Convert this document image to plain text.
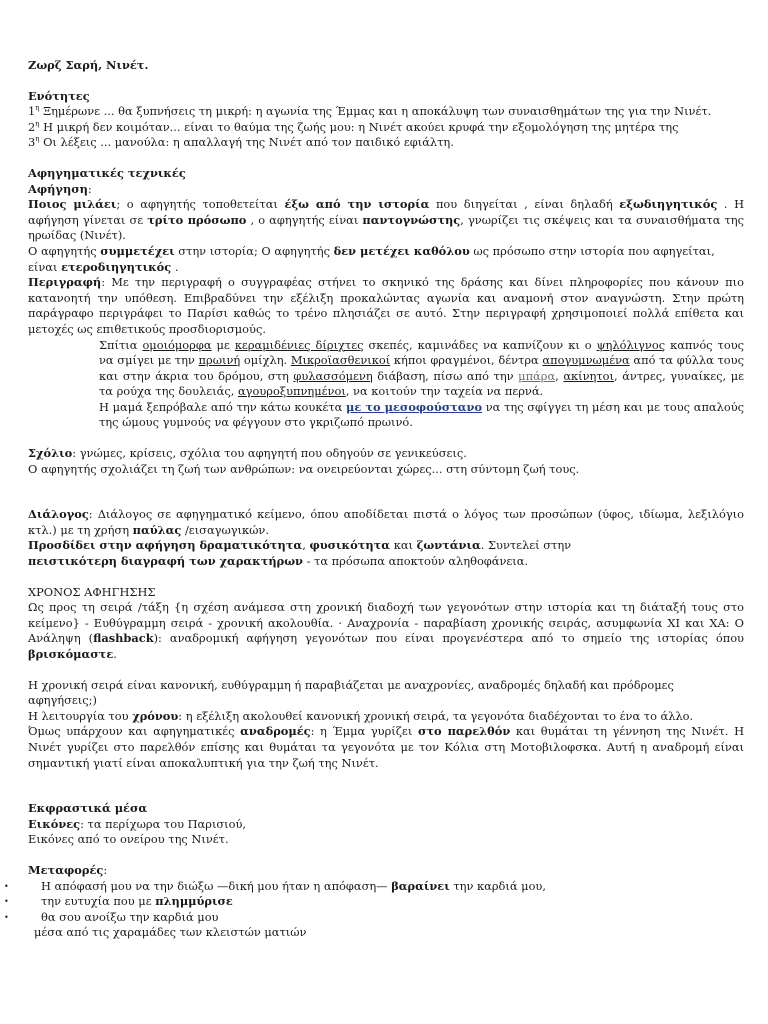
Ζωρζ Σαρή, Νινέτ.

Ενότητες

$1^\eta$ Ξημέρωνε ... θα ξυπνήσεις τη μικρή: η αγωνία της Έμμας και η αποκάλυψη των συναισθημάτων της για την Νινέτ.

$2^\eta$ Η μικρή δεν κοιμόταν... είναι το θαύμα της ζωής μου: η Νινέτ ακούει κρυφά την εξομολόγηση της μητέρα της

$3^\eta$ Οι λέξεις ... μανούλα: η απαλλαγή της Νινέτ από τον παιδικό εφιάλτη.

Αφηγηματικές τεχνικές

Αφήγηση:

Ποιος μιλάει; ο αφηγητής τοποθετείται έξω από την ιστορία που διηγείται , είναι δηλαδή εξωδιηγητικός . Η αφήγηση γίνεται σε τρίτο πρόσωπο , ο αφηγητής είναι παντογνώστης, γνωρίζει τις σκέψεις και τα συναισθήματα της ηρωίδας (Νινέτ).

Ο αφηγητής συμμετέχει στην ιστορία; Ο αφηγητής δεν μετέχει καθόλου ως πρόσωπο στην ιστορία που αφηγείται, είναι ετεροδιηγητικός .

Περιγραφή: Με την περιγραφή ο συγγραφέας στήνει το σκηνικό της δράσης και δίνει πληροφορίες που κάνουν πιο κατανοητή την υπόθεση. Επιβραδύνει την εξέλιξη προκαλώντας αγωνία και αναμονή στον αναγνώστη. Στην πρώτη παράγραφο περιγράφει το Παρίσι καθώς το τρένο πλησιάζει σε αυτό. Στην περιγραφή χρησιμοποιεί πολλά επίθετα και μετοχές ως επιθετικούς προσδιορισμούς.

Σπίτια ομοιόμορφα με κεραμιδένιες δίριχτες σκεπές, καμινάδες να καπνίζουν κι ο ψηλόλιγνος καπνός τους να σμίγει με την πρωινή ομίχλη. Μικροϊασθενικοί κήποι φραγμένοι, δέντρα απογυμνωμένα από τα φύλλα τους και στην άκρια του δρόμου, στη φυλασσόμενη διάβαση, πίσω από την μπάρα, ακίνητοι, άντρες, γυναίκες, με τα ρούχα της δουλειάς, αγουροξυπνημένοι, να κοιτούν την ταχεία να περνά.

Η μαμά ξεπρόβαλε από την κάτω κουκέτα με το μεσοφούστανο να της σφίγγει τη μέση και με τους απαλούς της ώμους γυμνούς να φέγγουν στο γκριζωπό πρωινό.

Σχόλιο: γνώμες, κρίσεις, σχόλια του αφηγητή που οδηγούν σε γενικεύσεις.

Ο αφηγητής σχολιάζει τη ζωή των ανθρώπων: να ονειρεύονται χώρες... στη σύντομη ζωή τους.

Διάλογος: Διάλογος σε αφηγηματικό κείμενο, όπου αποδίδεται πιστά ο λόγος των προσώπων (ύφος, ιδίωμα, λεξιλόγιο κτλ.) με τη χρήση παύλας /εισαγωγικών.

Προσδίδει στην αφήγηση δραματικότητα, φυσικότητα και ζωντάνια. Συντελεί στην

πειστικότερη διαγραφή των χαρακτήρων - τα πρόσωπα αποκτούν αληθοφάνεια.

ΧΡΟΝΟΣ ΑΦΗΓΗΣΗΣ

Ως προς τη σειρά /τάξη {η σχέση ανάμεσα στη χρονική διαδοχή των γεγονότων στην ιστορία και τη διάταξή τους στο κείμενο} - Ευθύγραμμη σειρά - χρονική ακολουθία. · Αναχρονία - παραβίαση χρονικής σειράς, ασυμφωνία ΧΙ και ΧΑ: Ο Ανάληψη (flashback): αναδρομική αφήγηση γεγονότων που είναι προγενέστερα από το σημείο της ιστορίας όπου βρισκόμαστε.

Η χρονική σειρά είναι κανονική, ευθύγραμμη ή παραβιάζεται με αναχρονίες, αναδρομές δηλαδή και πρόδρομες αφηγήσεις;)

Η λειτουργία του χρόνου: η εξέλιξη ακολουθεί κανονική χρονική σειρά, τα γεγονότα διαδέχονται το ένα το άλλο.

Όμως υπάρχουν και αφηγηματικές αναδρομές: η Έμμα γυρίζει στο παρελθόν και θυμάται τη γέννηση της Νινέτ. Η Νινέτ γυρίζει στο παρελθόν επίσης και θυμάται τα γεγονότα με τον Κόλια στη Μοτοβιλοφσκα. Αυτή η αναδρομή είναι σημαντική γιατί είναι αποκαλυπτική για την ζωή της Νινέτ.

Εκφραστικά μέσα

Εικόνες: τα περίχωρα του Παρισιού,

Εικόνες από το ονείρου της Νινέτ.

Μεταφορές:

• Η απόφασή μου να την διώξω —δική μου ήταν η απόφαση— βαραίνει την καρδιά μου,

• την ευτυχία που με πλημμύρισε

• θα σου ανοίξω την καρδιά μου

μέσα από τις χαραμάδες των κλειστών ματιών
